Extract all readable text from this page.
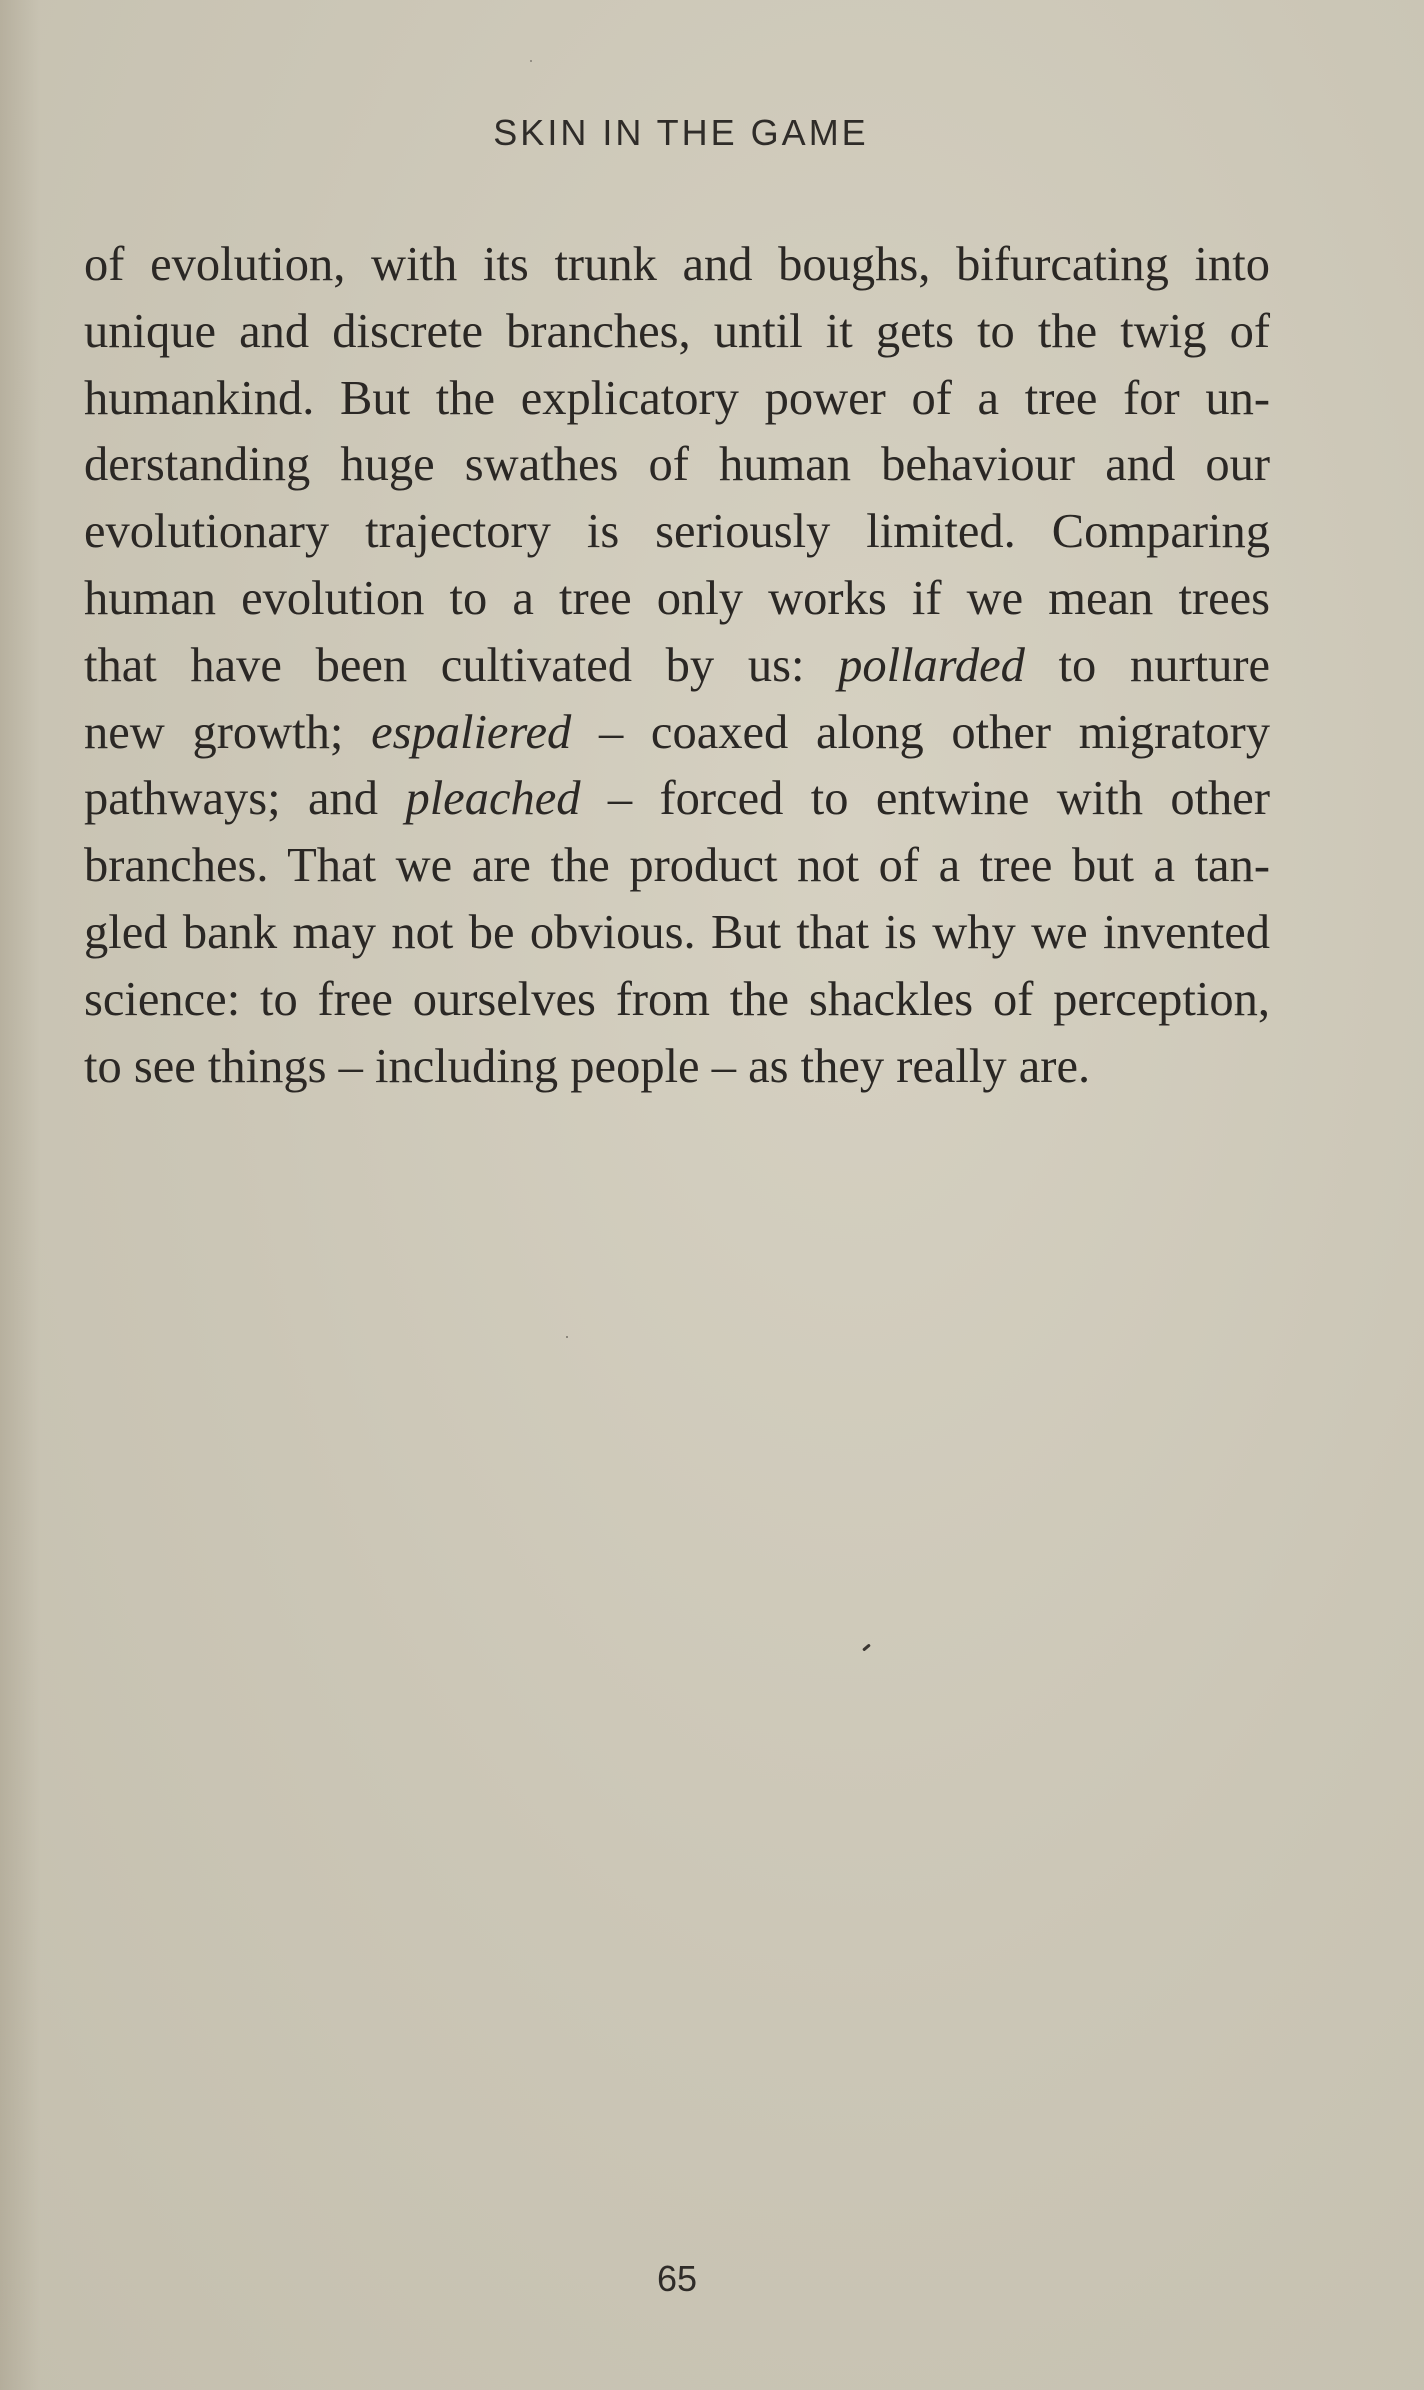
SKIN IN THE GAME
of evolution, with its trunk and boughs, bifurcating into
unique and discrete branches, until it gets to the twig of
humankind. But the explicatory power of a tree for un-
derstanding huge swathes of human behaviour and our
evolutionary trajectory is seriously limited. Comparing
human evolution to a tree only works if we mean trees
that have been cultivated by us: pollarded to nurture
new growth; espaliered – coaxed along other migratory
pathways; and pleached – forced to entwine with other
branches. That we are the product not of a tree but a tan-
gled bank may not be obvious. But that is why we invented
science: to free ourselves from the shackles of perception,
to see things – including people – as they really are.
65
